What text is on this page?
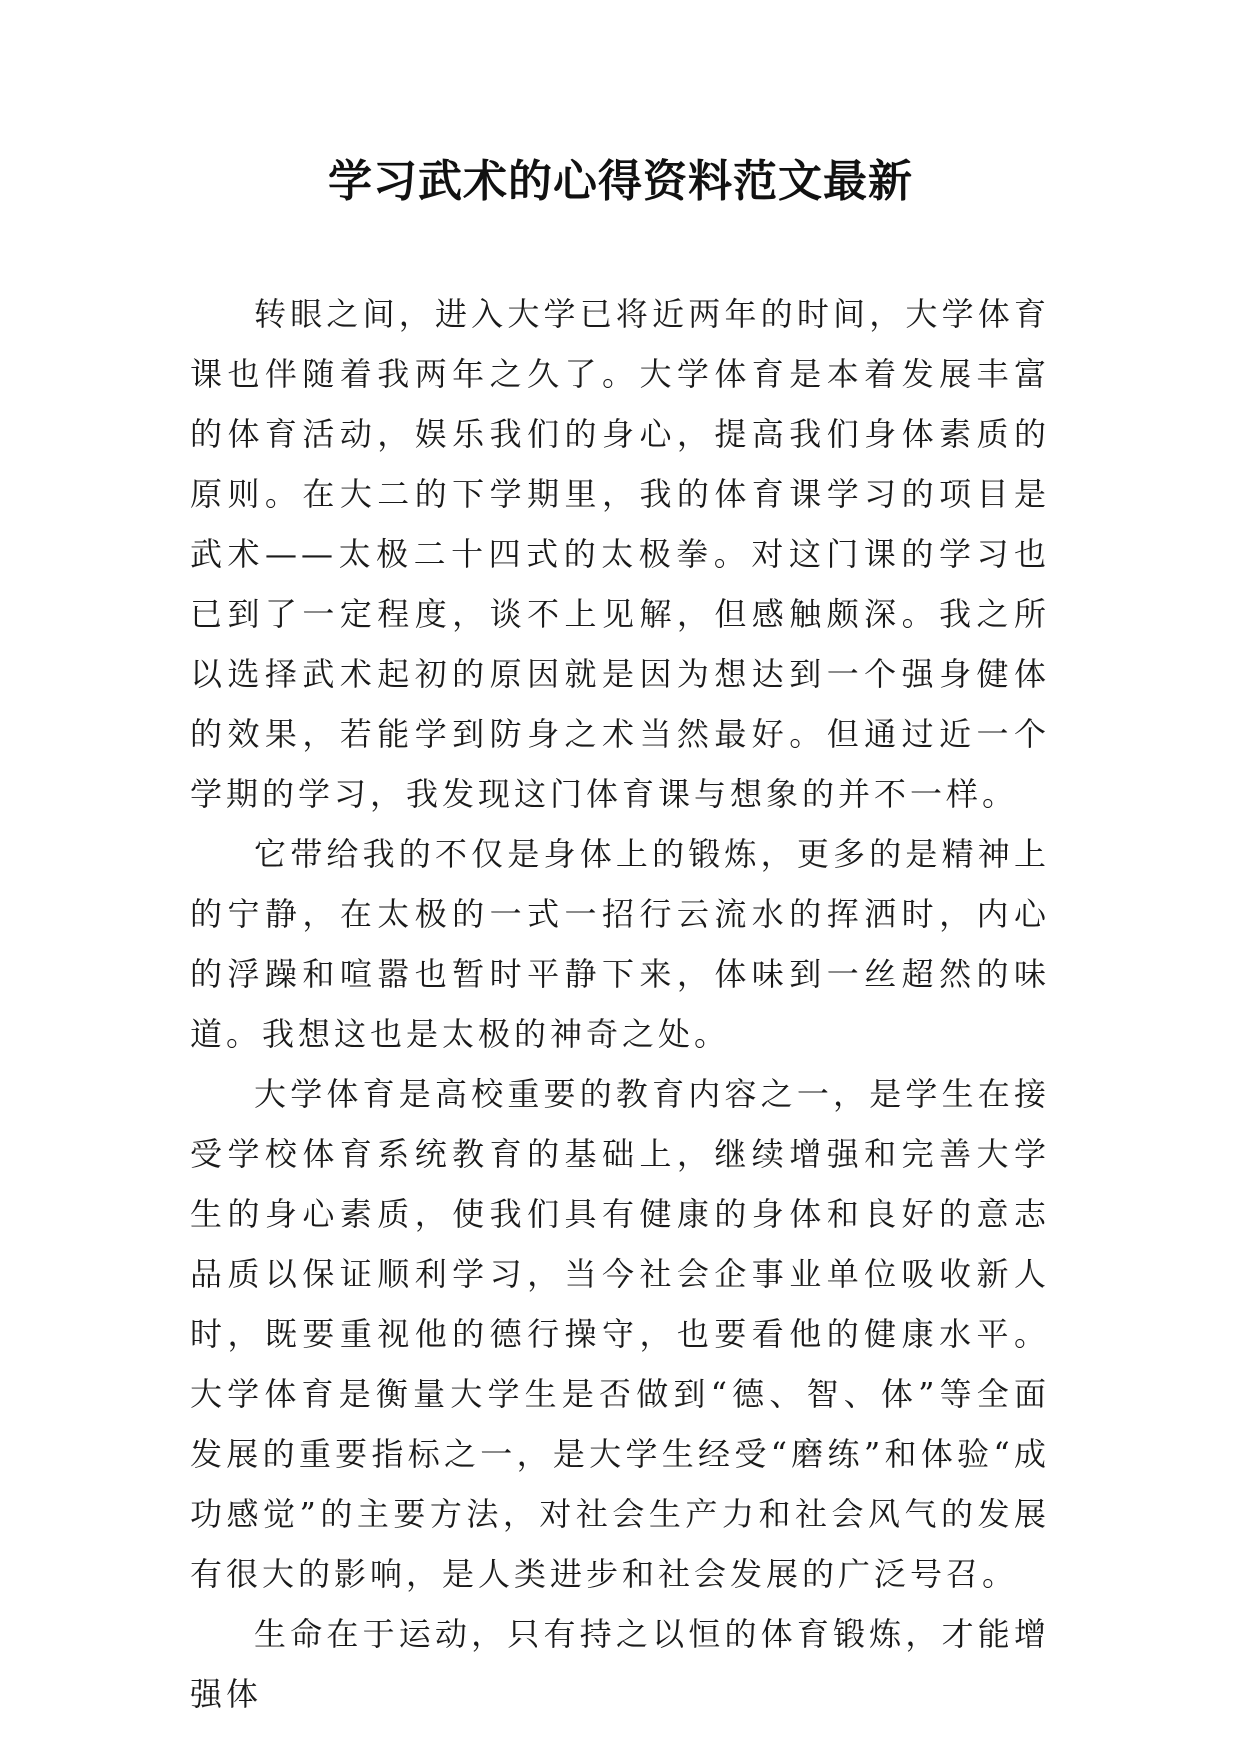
学习武术的心得资料范文最新

转眼之间，进入大学已将近两年的时间，大学体育课也伴随着我两年之久了。大学体育是本着发展丰富的体育活动，娱乐我们的身心，提高我们身体素质的原则。在大二的下学期里，我的体育课学习的项目是武术——太极二十四式的太极拳。对这门课的学习也已到了一定程度，谈不上见解，但感触颇深。我之所以选择武术起初的原因就是因为想达到一个强身健体的效果，若能学到防身之术当然最好。但通过近一个学期的学习，我发现这门体育课与想象的并不一样。

它带给我的不仅是身体上的锻炼，更多的是精神上的宁静，在太极的一式一招行云流水的挥洒时，内心的浮躁和喧嚣也暂时平静下来，体味到一丝超然的味道。我想这也是太极的神奇之处。

大学体育是高校重要的教育内容之一，是学生在接受学校体育系统教育的基础上，继续增强和完善大学生的身心素质，使我们具有健康的身体和良好的意志品质以保证顺利学习，当今社会企事业单位吸收新人时，既要重视他的德行操守，也要看他的健康水平。大学体育是衡量大学生是否做到“德、智、体”等全面发展的重要指标之一，是大学生经受“磨练”和体验“成功感觉”的主要方法，对社会生产力和社会风气的发展有很大的影响，是人类进步和社会发展的广泛号召。

生命在于运动，只有持之以恒的体育锻炼，才能增强体
